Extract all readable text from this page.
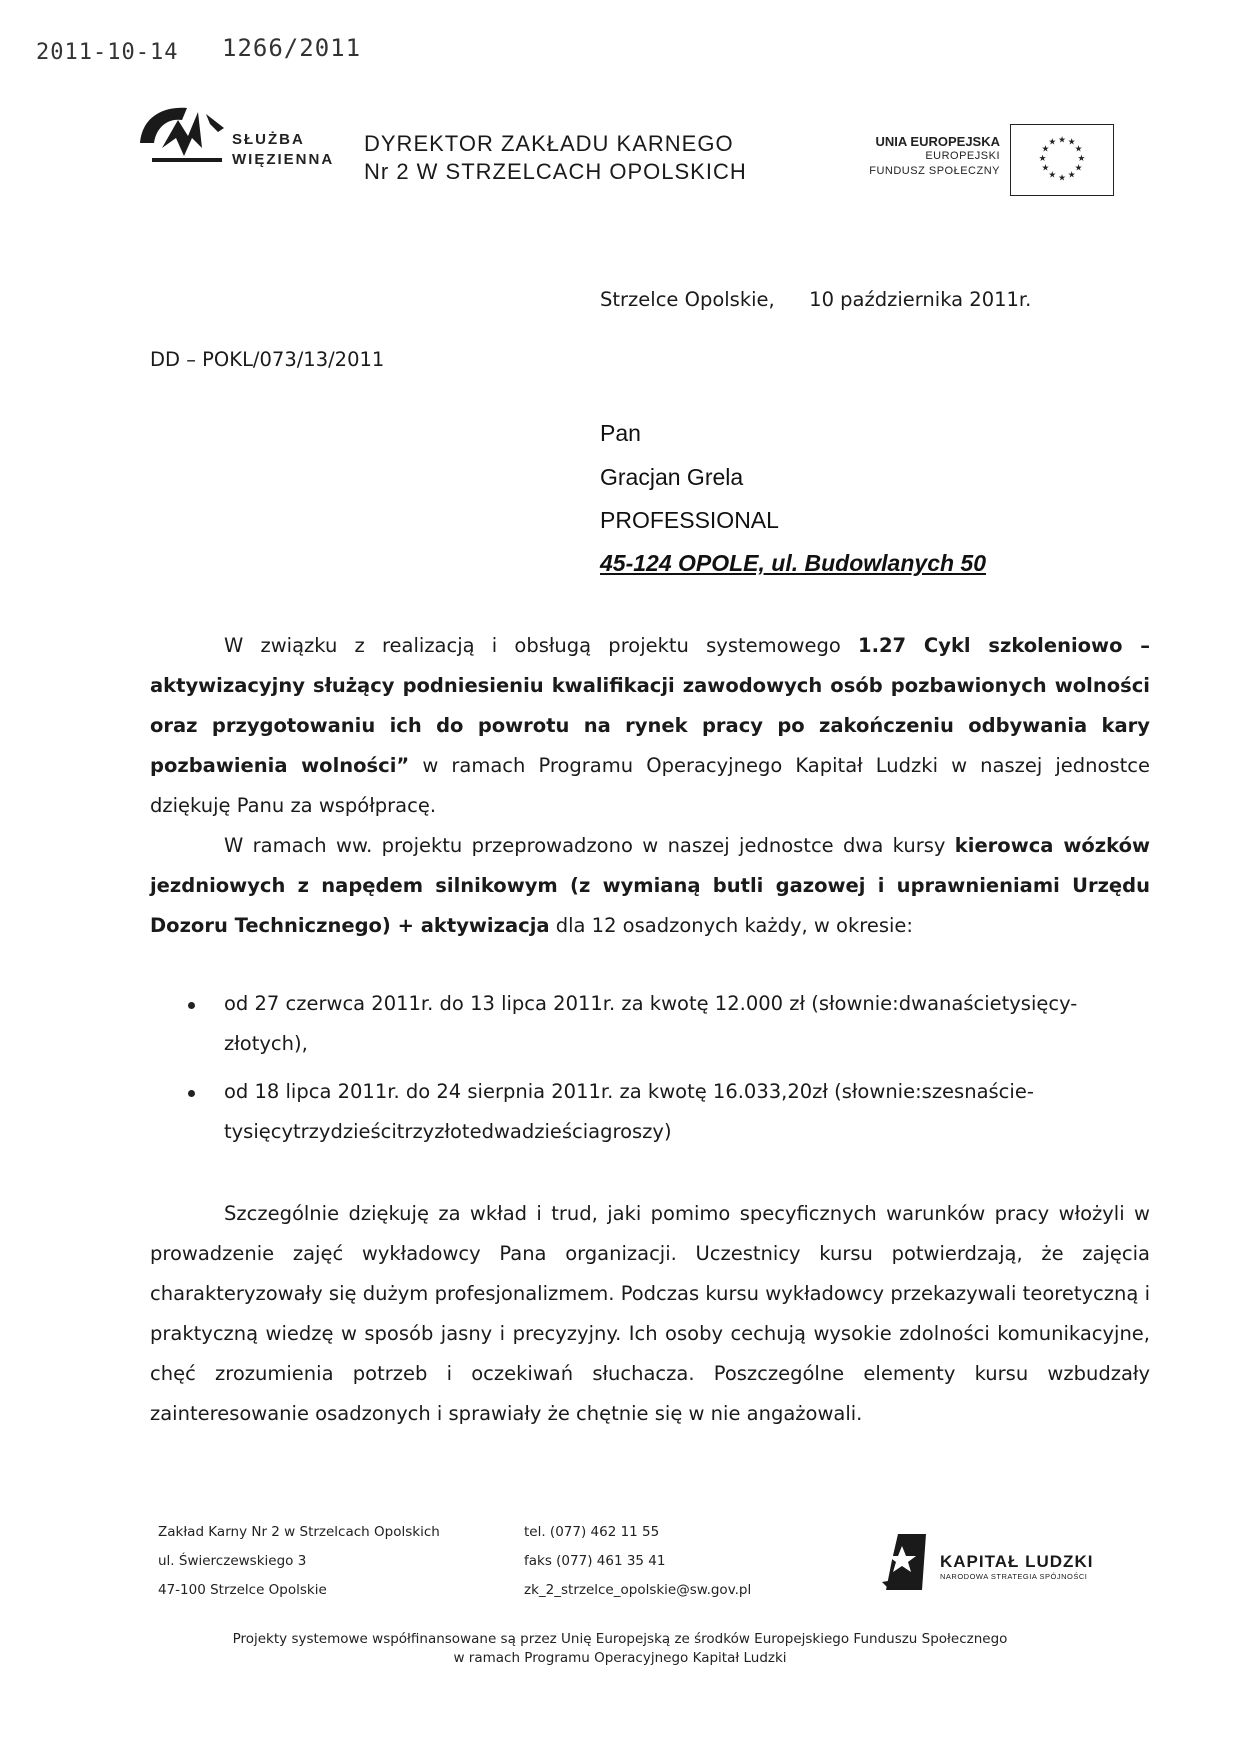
2011-10-14 1266/2011
SŁUŻBA
WIĘZIENNA
DYREKTOR ZAKŁADU KARNEGO
Nr 2 W STRZELCACH OPOLSKICH
UNIA EUROPEJSKA
EUROPEJSKI
FUNDUSZ SPOŁECZNY
★ ★
★
★
★
★
★
★
★
★
★
★
Strzelce Opolskie, 10 października 2011r.
DD – POKL/073/13/2011
Pan
Gracjan Grela
PROFESSIONAL
45-124 OPOLE, ul. Budowlanych 50
W związku z realizacją i obsługą projektu systemowego 1.27 Cykl szkoleniowo – aktywizacyjny służący podniesieniu kwalifikacji zawodowych osób pozbawionych wolności oraz przygotowaniu ich do powrotu na rynek pracy po zakończeniu odbywania kary pozbawienia wolności” w ramach Programu Operacyjnego Kapitał Ludzki w naszej jednostce dziękuję Panu za współpracę.
W ramach ww. projektu przeprowadzono w naszej jednostce dwa kursy kierowca wózków jezdniowych z napędem silnikowym (z wymianą butli gazowej i uprawnieniami Urzędu Dozoru Technicznego) + aktywizacja dla 12 osadzonych każdy, w okresie:
od 27 czerwca 2011r. do 13 lipca 2011r. za kwotę 12.000 zł (słownie:dwanaścietysięcy-
złotych),
od 18 lipca 2011r. do 24 sierpnia 2011r. za kwotę 16.033,20zł (słownie:szesnaście-
tysięcytrzydzieścitrzyzłotedwadzieściagroszy)
Szczególnie dziękuję za wkład i trud, jaki pomimo specyficznych warunków pracy włożyli w prowadzenie zajęć wykładowcy Pana organizacji. Uczestnicy kursu potwierdzają, że zajęcia charakteryzowały się dużym profesjonalizmem. Podczas kursu wykładowcy przekazywali teoretyczną i praktyczną wiedzę w sposób jasny i precyzyjny. Ich osoby cechują wysokie zdolności komunikacyjne, chęć zrozumienia potrzeb i oczekiwań słuchacza. Poszczególne elementy kursu wzbudzały zainteresowanie osadzonych i sprawiały że chętnie się w nie angażowali.
Zakład Karny Nr 2 w Strzelcach Opolskich
ul. Świerczewskiego 3
47-100 Strzelce Opolskie
tel. (077) 462 11 55
faks (077) 461 35 41
zk_2_strzelce_opolskie@sw.gov.pl
KAPITAŁ LUDZKI
NARODOWA STRATEGIA SPÓJNOŚCI
Projekty systemowe współfinansowane są przez Unię Europejską ze środków Europejskiego Funduszu Społecznego
w ramach Programu Operacyjnego Kapitał Ludzki
